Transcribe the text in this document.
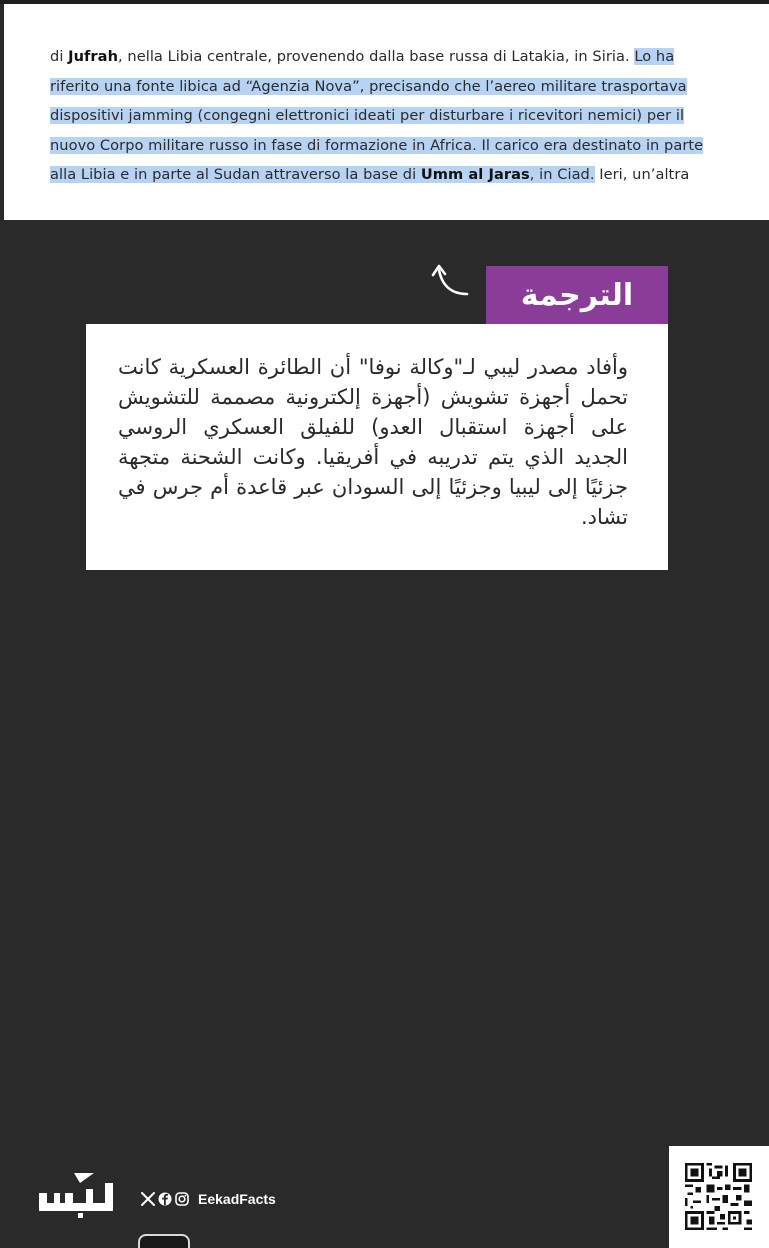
di Jufrah, nella Libia centrale, provenendo dalla base russa di Latakia, in Siria. Lo ha
riferito una fonte libica ad “Agenzia Nova”, precisando che l’aereo militare trasportava
dispositivi jamming (congegni elettronici ideati per disturbare i ricevitori nemici) per il
nuovo Corpo militare russo in fase di formazione in Africa. Il carico era destinato in parte
alla Libia e in parte al Sudan attraverso la base di Umm al Jaras, in Ciad. Ieri, un’altra
الترجمة
وأفاد مصدر ليبي لـ"وكالة نوفا" أن الطائرة العسكرية كانت تحمل أجهزة تشويش (أجهزة إلكترونية مصممة للتشويش على أجهزة استقبال العدو) للفيلق العسكري الروسي الجديد الذي يتم تدريبه في أفريقيا. وكانت الشحنة متجهة جزئيًا إلى ليبيا وجزئيًا إلى السودان عبر قاعدة أم جرس في تشاد.
EekadFacts
